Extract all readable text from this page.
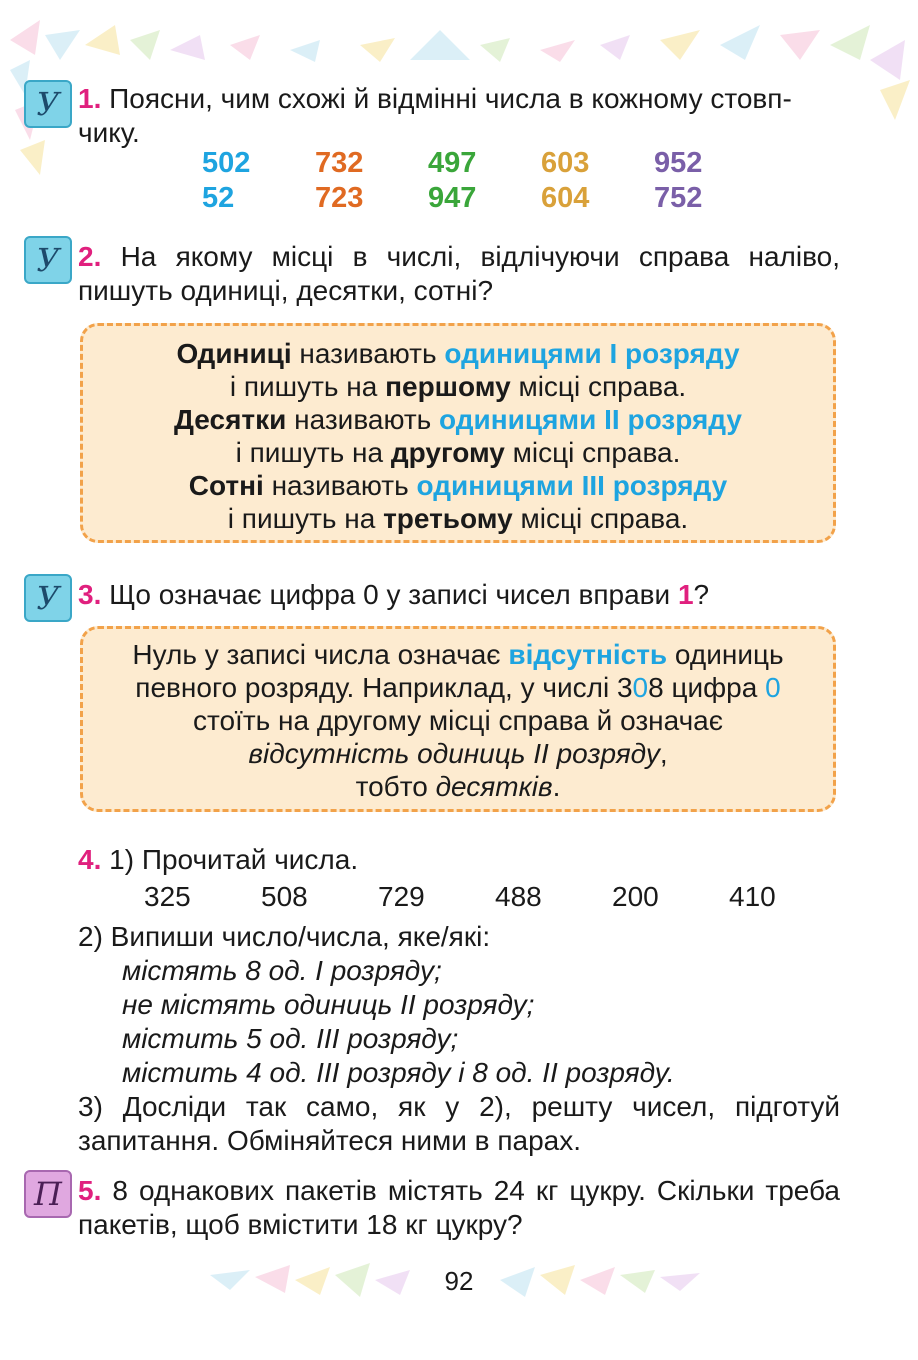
У 1. Поясни, чим схожі й відмінні числа в кожному стовп-
чику.
502	732	497	603	952
52	723	947	604	752
У 2. На якому місці в числі, відлічуючи справа наліво, пишуть одиниці, десятки, сотні?
Одиниці називають одиницями I розряду
і пишуть на першому місці справа.
Десятки називають одиницями II розряду
і пишуть на другому місці справа.
Сотні називають одиницями III розряду
і пишуть на третьому місці справа.
У 3. Що означає цифра 0 у записі чисел вправи 1?
Нуль у записі числа означає відсутність одиниць
певного розряду. Наприклад, у числі 308 цифра 0
стоїть на другому місці справа й означає
відсутність одиниць II розряду,
тобто десятків.
4. 1) Прочитай числа.
325	508	729	488	200	410
2) Випиши число/числа, яке/які:
містять 8 од. I розряду;
не містять одиниць II розряду;
містить 5 од. III розряду;
містить 4 од. III розряду і 8 од. II розряду.
3) Досліди так само, як у 2), решту чисел, підготуй запитання. Обміняйтеся ними в парах.
П 5. 8 однакових пакетів містять 24 кг цукру. Скільки треба пакетів, щоб вмістити 18 кг цукру?
92
